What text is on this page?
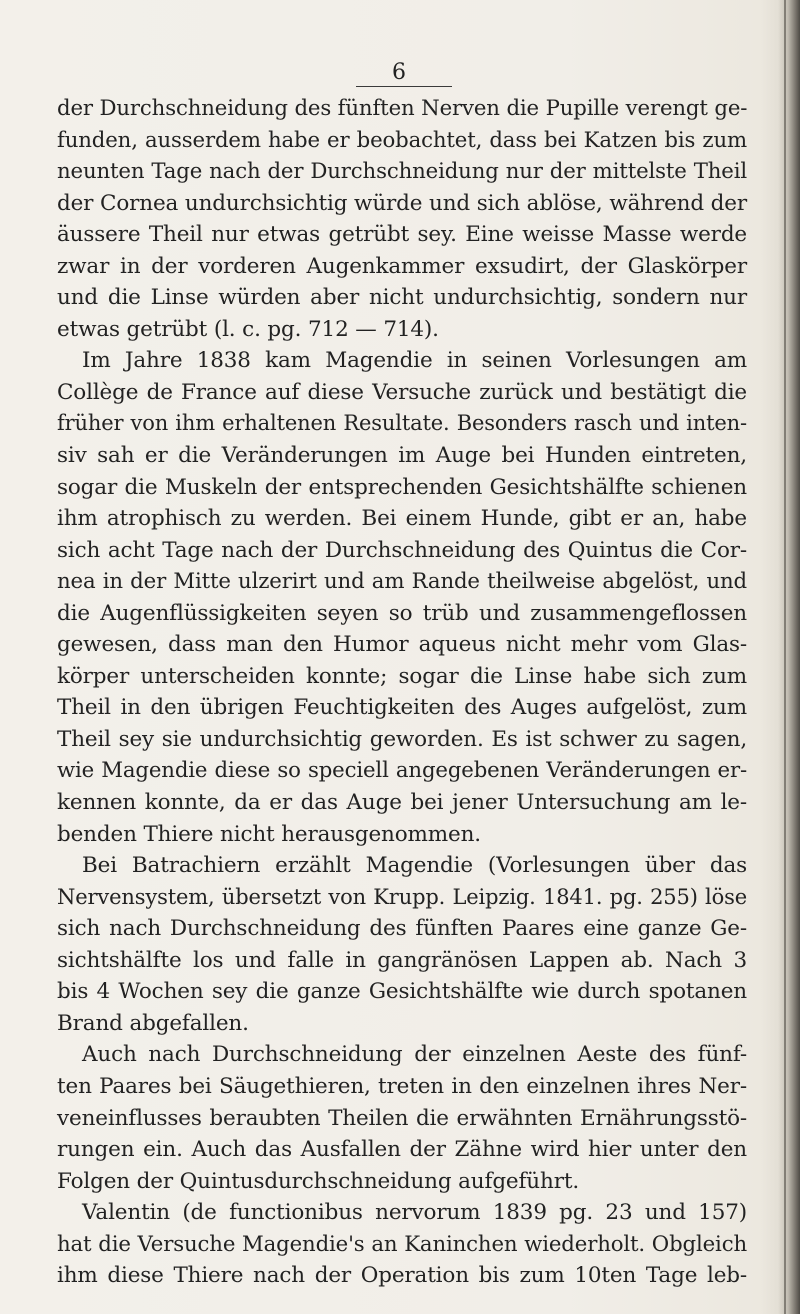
6
der Durchschneidung des fünften Nerven die Pupille verengt ge-
funden, ausserdem habe er beobachtet, dass bei Katzen bis zum
neunten Tage nach der Durchschneidung nur der mittelste Theil
der Cornea undurchsichtig würde und sich ablöse, während der
äussere Theil nur etwas getrübt sey. Eine weisse Masse werde
zwar in der vorderen Augenkammer exsudirt, der Glaskörper
und die Linse würden aber nicht undurchsichtig, sondern nur
etwas getrübt (l. c. pg. 712 — 714).
Im Jahre 1838 kam Magendie in seinen Vorlesungen am
Collège de France auf diese Versuche zurück und bestätigt die
früher von ihm erhaltenen Resultate. Besonders rasch und inten-
siv sah er die Veränderungen im Auge bei Hunden eintreten,
sogar die Muskeln der entsprechenden Gesichtshälfte schienen
ihm atrophisch zu werden. Bei einem Hunde, gibt er an, habe
sich acht Tage nach der Durchschneidung des Quintus die Cor-
nea in der Mitte ulzerirt und am Rande theilweise abgelöst, und
die Augenflüssigkeiten seyen so trüb und zusammengeflossen
gewesen, dass man den Humor aqueus nicht mehr vom Glas-
körper unterscheiden konnte; sogar die Linse habe sich zum
Theil in den übrigen Feuchtigkeiten des Auges aufgelöst, zum
Theil sey sie undurchsichtig geworden. Es ist schwer zu sagen,
wie Magendie diese so speciell angegebenen Veränderungen er-
kennen konnte, da er das Auge bei jener Untersuchung am le-
benden Thiere nicht herausgenommen.
Bei Batrachiern erzählt Magendie (Vorlesungen über das
Nervensystem, übersetzt von Krupp. Leipzig. 1841. pg. 255) löse
sich nach Durchschneidung des fünften Paares eine ganze Ge-
sichtshälfte los und falle in gangränösen Lappen ab. Nach 3
bis 4 Wochen sey die ganze Gesichtshälfte wie durch spotanen
Brand abgefallen.
Auch nach Durchschneidung der einzelnen Aeste des fünf-
ten Paares bei Säugethieren, treten in den einzelnen ihres Ner-
veneinflusses beraubten Theilen die erwähnten Ernährungsstö-
rungen ein. Auch das Ausfallen der Zähne wird hier unter den
Folgen der Quintusdurchschneidung aufgeführt.
Valentin (de functionibus nervorum 1839 pg. 23 und 157)
hat die Versuche Magendie's an Kaninchen wiederholt. Obgleich
ihm diese Thiere nach der Operation bis zum 10ten Tage leb-
